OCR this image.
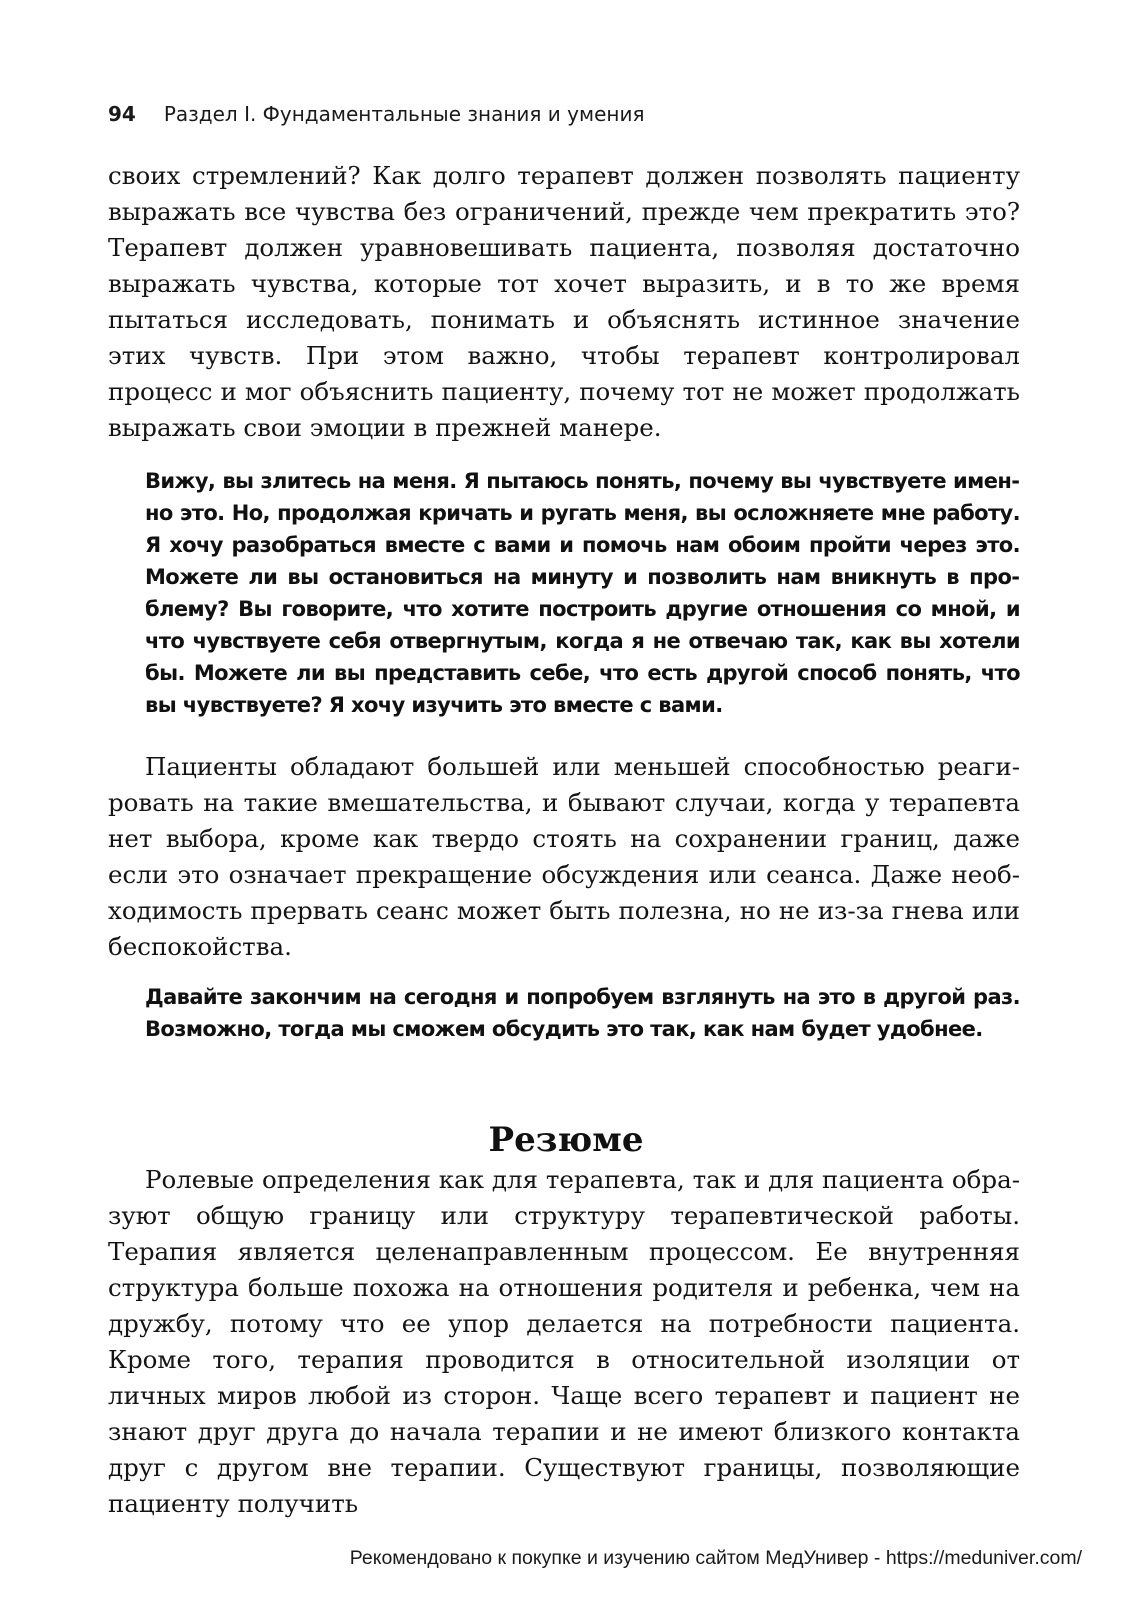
94 Раздел I. Фундаментальные знания и умения

своих стремлений? Как долго терапевт должен позволять пациенту выражать все чувства без ограничений, прежде чем прекратить это? Терапевт должен уравновешивать пациента, позволяя достаточно выражать чувства, которые тот хочет выразить, и в то же время пытаться исследовать, понимать и объяснять истинное значение этих чувств. При этом важно, чтобы терапевт контролировал процесс и мог объяснить пациенту, почему тот не может продолжать выражать свои эмоции в прежней манере.

Вижу, вы злитесь на меня. Я пытаюсь понять, почему вы чувствуете именно это. Но, продолжая кричать и ругать меня, вы осложняете мне работу. Я хочу разобраться вместе с вами и помочь нам обоим пройти через это. Можете ли вы остановиться на минуту и позволить нам вникнуть в проблему? Вы говорите, что хотите построить другие отношения со мной, и что чувствуете себя отвергнутым, когда я не отвечаю так, как вы хотели бы. Можете ли вы представить себе, что есть другой способ понять, что вы чувствуете? Я хочу изучить это вместе с вами.

Пациенты обладают большей или меньшей способностью реагировать на такие вмешательства, и бывают случаи, когда у терапевта нет выбора, кроме как твердо стоять на сохранении границ, даже если это означает прекращение обсуждения или сеанса. Даже необходимость прервать сеанс может быть полезна, но не из-за гнева или беспокойства.

Давайте закончим на сегодня и попробуем взглянуть на это в другой раз. Возможно, тогда мы сможем обсудить это так, как нам будет удобнее.

Резюме

Ролевые определения как для терапевта, так и для пациента образуют общую границу или структуру терапевтической работы. Терапия является целенаправленным процессом. Ее внутренняя структура больше похожа на отношения родителя и ребенка, чем на дружбу, потому что ее упор делается на потребности пациента. Кроме того, терапия проводится в относительной изоляции от личных миров любой из сторон. Чаще всего терапевт и пациент не знают друг друга до начала терапии и не имеют близкого контакта друг с другом вне терапии. Существуют границы, позволяющие пациенту получить

Рекомендовано к покупке и изучению сайтом МедУнивер - https://meduniver.com/
